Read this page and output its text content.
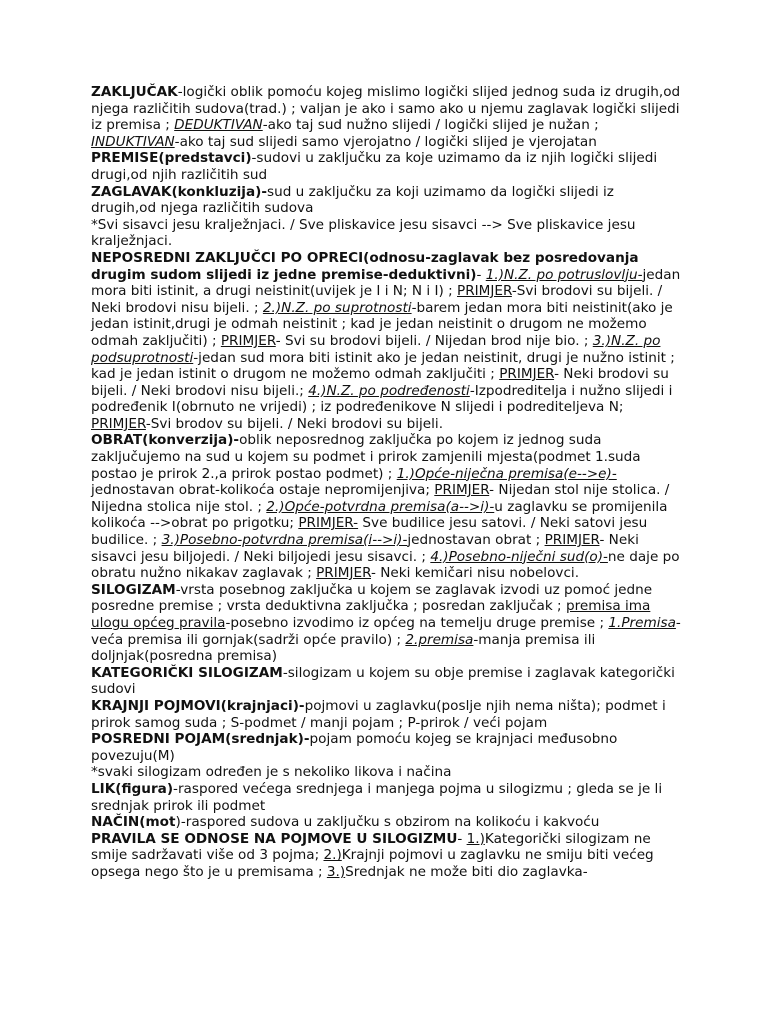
ZAKLJUČAK-logički oblik pomoću kojeg mislimo logički slijed jednog suda iz drugih,od njega različitih sudova(trad.) ; valjan je ako i samo ako u njemu zaglavak logički slijedi iz premisa ; DEDUKTIVAN-ako taj sud nužno slijedi / logički slijed je nužan ; INDUKTIVAN-ako taj sud slijedi samo vjerojatno / logički slijed je vjerojatan

PREMISE(predstavci)-sudovi u zaključku za koje uzimamo da iz njih logički slijedi drugi,od njih različitih sud

ZAGLAVAK(konkluzija)-sud u zaključku za koji uzimamo da logički slijedi iz drugih,od njega različitih sudova

*Svi sisavci jesu kralježnjaci. / Sve pliskavice jesu sisavci --> Sve pliskavice jesu kralježnjaci.

NEPOSREDNI ZAKLJUČCI PO OPRECI(odnosu-zaglavak bez posredovanja drugim sudom slijedi iz jedne premise-deduktivni)- 1.)N.Z. po potruslovlju-jedan mora biti istinit, a drugi neistinit(uvijek je I i N; N i I) ; PRIMJER-Svi brodovi su bijeli. / Neki brodovi nisu bijeli. ; 2.)N.Z. po suprotnosti-barem jedan mora biti neistinit(ako je jedan istinit,drugi je odmah neistinit ; kad je jedan neistinit o drugom ne možemo odmah zaključiti) ; PRIMJER- Svi su brodovi bijeli. / Nijedan brod nije bio. ; 3.)N.Z. po podsuprotnosti-jedan sud mora biti istinit ako je jedan neistinit, drugi je nužno istinit ; kad je jedan istinit o drugom ne možemo odmah zaključiti ; PRIMJER- Neki brodovi su bijeli. / Neki brodovi nisu bijeli.; 4.)N.Z. po podređenosti-Izpodreditelja i nužno slijedi i podređenik I(obrnuto ne vrijedi) ; iz podređenikove N slijedi i podrediteljeva N; PRIMJER-Svi brodov su bijeli. / Neki brodovi su bijeli.

OBRAT(konverzija)-oblik neposrednog zaključka po kojem iz jednog suda zaključujemo na sud u kojem su podmet i prirok zamjenili mjesta(podmet 1.suda postao je prirok 2.,a prirok postao podmet) ; 1.)Opće-niječna premisa(e-->e)-jednostavan obrat-kolikoća ostaje nepromijenjiva; PRIMJER- Nijedan stol nije stolica. / Nijedna stolica nije stol. ; 2.)Opće-potvrdna premisa(a-->i)-u zaglavku se promijenila kolikoća -->obrat po prigotku; PRIMJER- Sve budilice jesu satovi. / Neki satovi jesu budilice. ; 3.)Posebno-potvrdna premisa(i-->i)-jednostavan obrat ; PRIMJER- Neki sisavci jesu biljojedi. / Neki biljojedi jesu sisavci. ; 4.)Posebno-niječni sud(o)-ne daje po obratu nužno nikakav zaglavak ; PRIMJER- Neki kemičari nisu nobelovci.

SILOGIZAM-vrsta posebnog zaključka u kojem se zaglavak izvodi uz pomoć jedne posredne premise ; vrsta deduktivna zaključka ; posredan zaključak ; premisa ima ulogu općeg pravila-posebno izvodimo iz općeg na temelju druge premise ; 1.Premisa-veća premisa ili gornjak(sadrži opće pravilo) ; 2.premisa-manja premisa ili doljnjak(posredna premisa)

KATEGORIČKI SILOGIZAM-silogizam u kojem su obje premise i zaglavak kategorički sudovi

KRAJNJI POJMOVI(krajnjaci)-pojmovi u zaglavku(poslje njih nema ništa); podmet i prirok samog suda ; S-podmet / manji pojam ; P-prirok / veći pojam

POSREDNI POJAM(srednjak)-pojam pomoću kojeg se krajnjaci međusobno povezuju(M)

*svaki silogizam određen je s nekoliko likova i načina

LIK(figura)-raspored većega srednjega i manjega pojma u silogizmu ; gleda se je li srednjak prirok ili podmet

NAČIN(mot)-raspored sudova u zaključku s obzirom na kolikoću i kakvoću

PRAVILA SE ODNOSE NA POJMOVE U SILOGIZMU- 1.)Kategorički silogizam ne smije sadržavati više od 3 pojma; 2.)Krajnji pojmovi u zaglavku ne smiju biti većeg opsega nego što je u premisama ; 3.)Srednjak ne može biti dio zaglavka-
